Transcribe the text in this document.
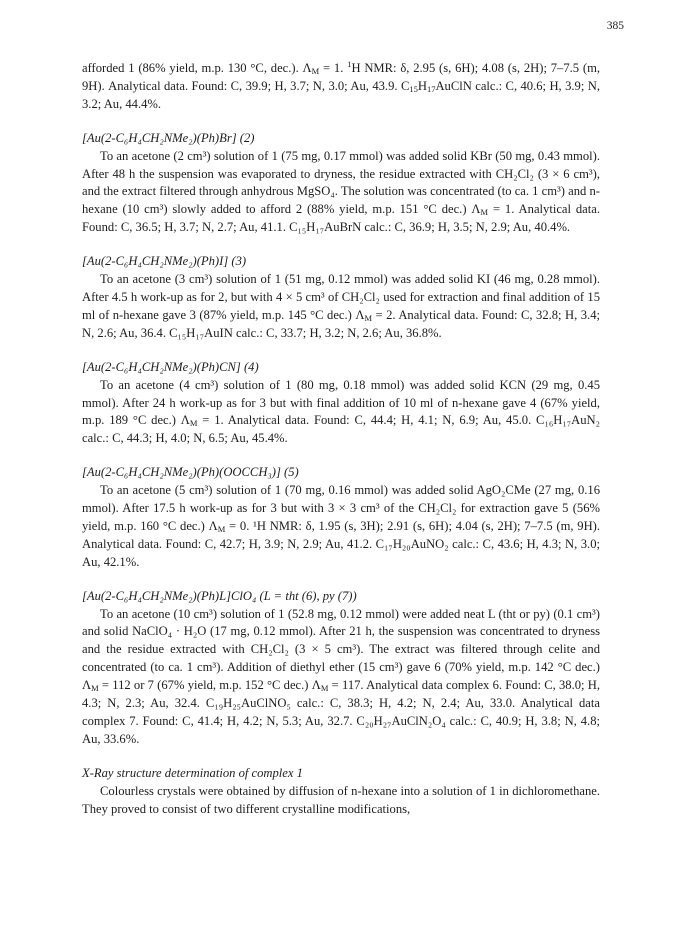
385

afforded 1 (86% yield, m.p. 130 °C, dec.). $\Lambda_M = 1$. $^1$H NMR: δ, 2.95 (s, 6H); 4.08 (s, 2H); 7–7.5 (m, 9H). Analytical data. Found: C, 39.9; H, 3.7; N, 3.0; Au, 43.9. $C_{15}H_{17}AuClN$ calc.: C, 40.6; H, 3.9; N, 3.2; Au, 44.4%.

[Au(2-C₆H₄CH₂NMe₂)(Ph)Br] (2)

To an acetone (2 cm³) solution of 1 (75 mg, 0.17 mmol) was added solid KBr (50 mg, 0.43 mmol). After 48 h the suspension was evaporated to dryness, the residue extracted with CH₂Cl₂ (3 × 6 cm³), and the extract filtered through anhydrous MgSO₄. The solution was concentrated (to ca. 1 cm³) and n-hexane (10 cm³) slowly added to afford 2 (88% yield, m.p. 151 °C dec.) $\Lambda_M = 1$. Analytical data. Found: C, 36.5; H, 3.7; N, 2.7; Au, 41.1. C₁₅H₁₇AuBrN calc.: C, 36.9; H, 3.5; N, 2.9; Au, 40.4%.

[Au(2-C₆H₄CH₂NMe₂)(Ph)I] (3)

To an acetone (3 cm³) solution of 1 (51 mg, 0.12 mmol) was added solid KI (46 mg, 0.28 mmol). After 4.5 h work-up as for 2, but with 4 × 5 cm³ of CH₂Cl₂ used for extraction and final addition of 15 ml of n-hexane gave 3 (87% yield, m.p. 145 °C dec.) $\Lambda_M = 2$. Analytical data. Found: C, 32.8; H, 3.4; N, 2.6; Au, 36.4. C₁₅H₁₇AuIN calc.: C, 33.7; H, 3.2; N, 2.6; Au, 36.8%.

[Au(2-C₆H₄CH₂NMe₂)(Ph)CN] (4)

To an acetone (4 cm³) solution of 1 (80 mg, 0.18 mmol) was added solid KCN (29 mg, 0.45 mmol). After 24 h work-up as for 3 but with final addition of 10 ml of n-hexane gave 4 (67% yield, m.p. 189 °C dec.) $\Lambda_M = 1$. Analytical data. Found: C, 44.4; H, 4.1; N, 6.9; Au, 45.0. C₁₆H₁₇AuN₂ calc.: C, 44.3; H, 4.0; N, 6.5; Au, 45.4%.

[Au(2-C₆H₄CH₂NMe₂)(Ph)(OOCCH₃)] (5)

To an acetone (5 cm³) solution of 1 (70 mg, 0.16 mmol) was added solid AgO₂CMe (27 mg, 0.16 mmol). After 17.5 h work-up as for 3 but with 3 × 3 cm³ of the CH₂Cl₂ for extraction gave 5 (56% yield, m.p. 160 °C dec.) $\Lambda_M = 0$. ¹H NMR: δ, 1.95 (s, 3H); 2.91 (s, 6H); 4.04 (s, 2H); 7–7.5 (m, 9H). Analytical data. Found: C, 42.7; H, 3.9; N, 2.9; Au, 41.2. C₁₇H₂₀AuNO₂ calc.: C, 43.6; H, 4.3; N, 3.0; Au, 42.1%.

[Au(2-C₆H₄CH₂NMe₂)(Ph)L]ClO₄ (L = tht (6), py (7))

To an acetone (10 cm³) solution of 1 (52.8 mg, 0.12 mmol) were added neat L (tht or py) (0.1 cm³) and solid NaClO₄ · H₂O (17 mg, 0.12 mmol). After 21 h, the suspension was concentrated to dryness and the residue extracted with CH₂Cl₂ (3 × 5 cm³). The extract was filtered through celite and concentrated (to ca. 1 cm³). Addition of diethyl ether (15 cm³) gave 6 (70% yield, m.p. 142 °C dec.) $\Lambda_M = 112$ or 7 (67% yield, m.p. 152 °C dec.) $\Lambda_M = 117$. Analytical data complex 6. Found: C, 38.0; H, 4.3; N, 2.3; Au, 32.4. C₁₉H₂₅AuClNO₅ calc.: C, 38.3; H, 4.2; N, 2.4; Au, 33.0. Analytical data complex 7. Found: C, 41.4; H, 4.2; N, 5.3; Au, 32.7. C₂₀H₂₇AuClN₂O₄ calc.: C, 40.9; H, 3.8; N, 4.8; Au, 33.6%.

X-Ray structure determination of complex 1

Colourless crystals were obtained by diffusion of n-hexane into a solution of 1 in dichloromethane. They proved to consist of two different crystalline modifications,
